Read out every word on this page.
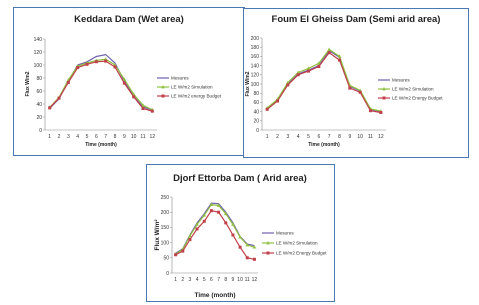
0
20
40
60
80
100
120
140
1 2 3 4 5 6 7 8 9 10 11 12
Keddara Dam (Wet area)
Time (month)
Flux W/m2	Mesures
LE W/m2 Simulation
LE W/m2 energy Budget
0
20
40
60
80
100
120
140
160
180
200
1 2 3 4 5 6 7 8 9 10 11 12
Foum El Gheiss Dam (Semi arid area)
Time (month)
Flux W/m2	Mesures
LE W/m2 Simulation
LE W/m2 Energy Budget
0
50
100
150
200
250
1 2 3 4 5 6 7 8 9 10 11 12
Djorf Ettorba Dam ( Arid area)
Time (month)
Flux W/m²	Mesures
LE W/m2 Simulation
LE W/m2 Energy Budget
